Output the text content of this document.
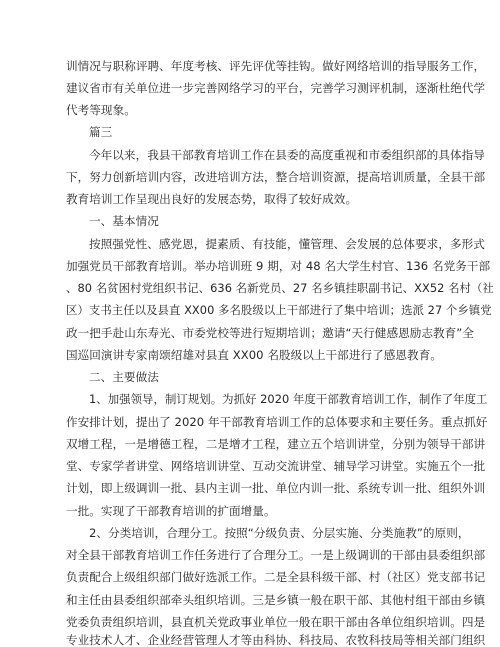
训情况与职称评聘、年度考核、评先评优等挂钩。做好网络培训的指导服务工作，
建议省市有关单位进一步完善网络学习的平台，完善学习测评机制，逐渐杜绝代学
代考等现象。
篇三
今年以来，我县干部教育培训工作在县委的高度重视和市委组织部的具体指导
下，努力创新培训内容，改进培训方法，整合培训资源，提高培训质量，全县干部
教育培训工作呈现出良好的发展态势，取得了较好成效。
一、基本情况
按照强党性、感党恩，提素质、有技能，懂管理、会发展的总体要求，多形式
加强党员干部教育培训。举办培训班 9 期，对 48 名大学生村官、136 名党务干部
、80 名贫困村党组织书记、636 名新党员、27 名乡镇挂职副书记、XX52 名村（社
区）支书主任以及县直 XX00 多名股级以上干部进行了集中培训；选派 27 个乡镇党
政一把手赴山东寿光、市委党校等进行短期培训；邀请“天行健感恩励志教育”全
国巡回演讲专家南颂绍雄对县直 XX00 名股级以上干部进行了感恩教育。
二、主要做法
1、加强领导，制订规划。为抓好 2020 年度干部教育培训工作，制作了年度工
作安排计划，提出了 2020 年干部教育培训工作的总体要求和主要任务。重点抓好
双增工程，一是增德工程，二是增才工程，建立五个培训讲堂，分别为领导干部讲
堂、专家学者讲堂、网络培训讲堂、互动交流讲堂、辅导学习讲堂。实施五个一批
计划，即上级调训一批、县内主训一批、单位内训一批、系统专训一批、组织外训
一批。实现了干部教育培训的扩面增量。
2、分类培训，合理分工。按照“分级负责、分层实施、分类施教”的原则，
对全县干部教育培训工作任务进行了合理分工。一是上级调训的干部由县委组织部
负责配合上级组织部门做好选派工作。二是全县科级干部、村（社区）党支部书记
和主任由县委组织部牵头组织培训。三是乡镇一般在职干部、其他村组干部由乡镇
党委负责组织培训，县直机关党政事业单位一般在职干部由各单位组织培训。四是
专业技术人才、企业经营管理人才等由科协、科技局、农牧科技局等相关部门组织
